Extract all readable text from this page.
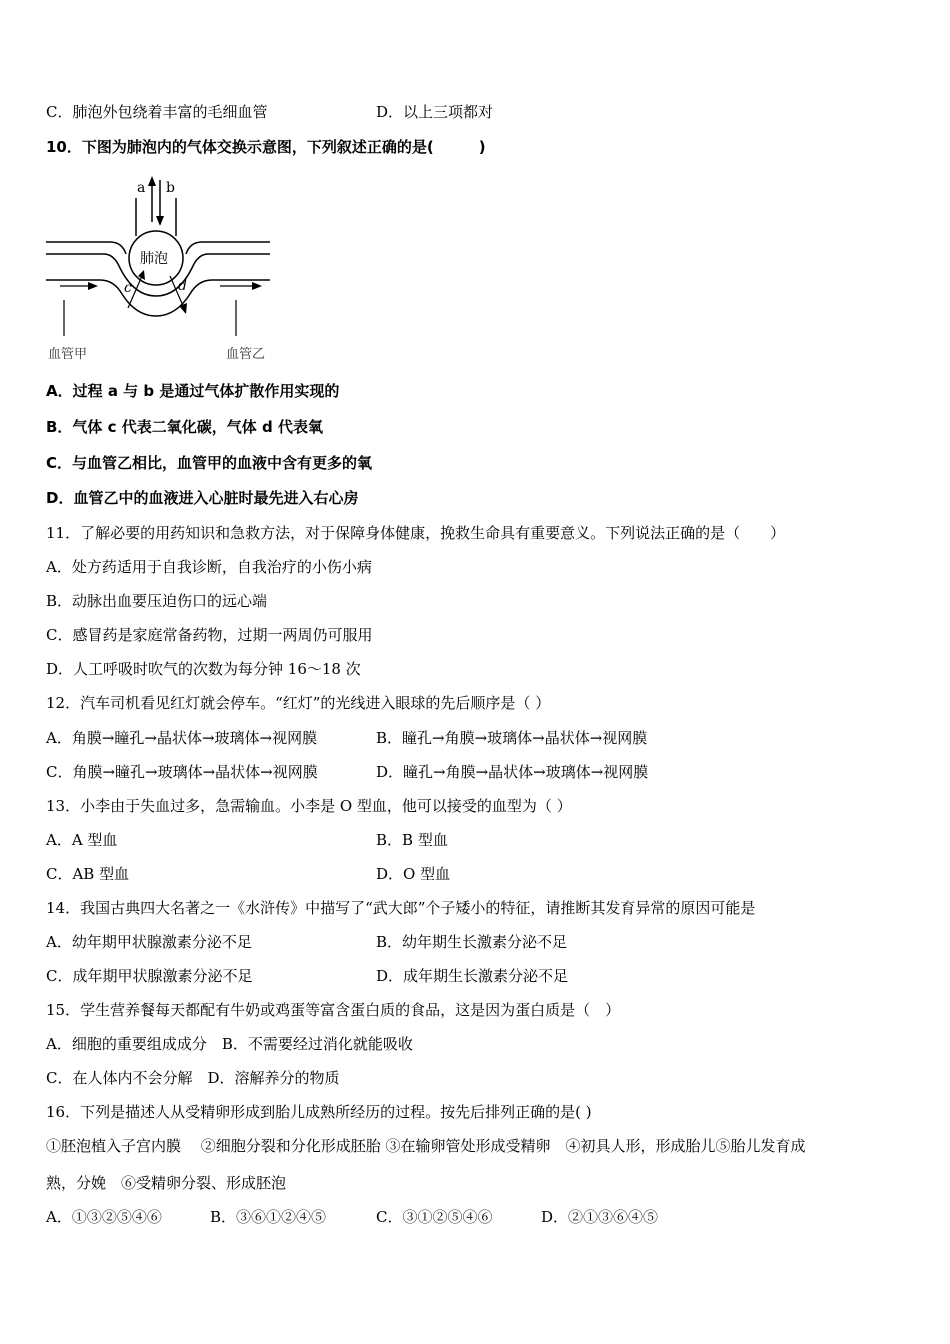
C．肺泡外包绕着丰富的毛细血管	D．以上三项都对
10．下图为肺泡内的气体交换示意图，下列叙述正确的是(　　　)
a b
肺泡
c	d
血管甲	血管乙
A．过程 a 与 b 是通过气体扩散作用实现的
B．气体 c 代表二氧化碳，气体 d 代表氧
C．与血管乙相比，血管甲的血液中含有更多的氧
D．血管乙中的血液进入心脏时最先进入右心房
11．了解必要的用药知识和急救方法，对于保障身体健康，挽救生命具有重要意义。下列说法正确的是（　　）
A．处方药适用于自我诊断，自我治疗的小伤小病
B．动脉出血要压迫伤口的远心端
C．感冒药是家庭常备药物，过期一两周仍可服用
D．人工呼吸时吹气的次数为每分钟 16～18 次
12．汽车司机看见红灯就会停车。“红灯”的光线进入眼球的先后顺序是（ ）
A．角膜→瞳孔→晶状体→玻璃体→视网膜	B．瞳孔→角膜→玻璃体→晶状体→视网膜
C．角膜→瞳孔→玻璃体→晶状体→视网膜	D．瞳孔→角膜→晶状体→玻璃体→视网膜
13．小李由于失血过多，急需输血。小李是 O 型血，他可以接受的血型为（ ）
A．A 型血	B．B 型血
C．AB 型血	D．O 型血
14．我国古典四大名著之一《水浒传》中描写了“武大郎”个子矮小的特征，请推断其发育异常的原因可能是
A．幼年期甲状腺激素分泌不足	B．幼年期生长激素分泌不足
C．成年期甲状腺激素分泌不足	D．成年期生长激素分泌不足
15．学生营养餐每天都配有牛奶或鸡蛋等富含蛋白质的食品，这是因为蛋白质是（　）
A．细胞的重要组成成分　B．不需要经过消化就能吸收
C．在人体内不会分解　D．溶解养分的物质
16．下列是描述人从受精卵形成到胎儿成熟所经历的过程。按先后排列正确的是( )
①胚泡植入子宫内膜　 ②细胞分裂和分化形成胚胎 ③在输卵管处形成受精卵　④初具人形，形成胎儿⑤胎儿发育成
熟，分娩　⑥受精卵分裂、形成胚泡
A．①③②⑤④⑥	B．③⑥①②④⑤	C．③①②⑤④⑥	D．②①③⑥④⑤
